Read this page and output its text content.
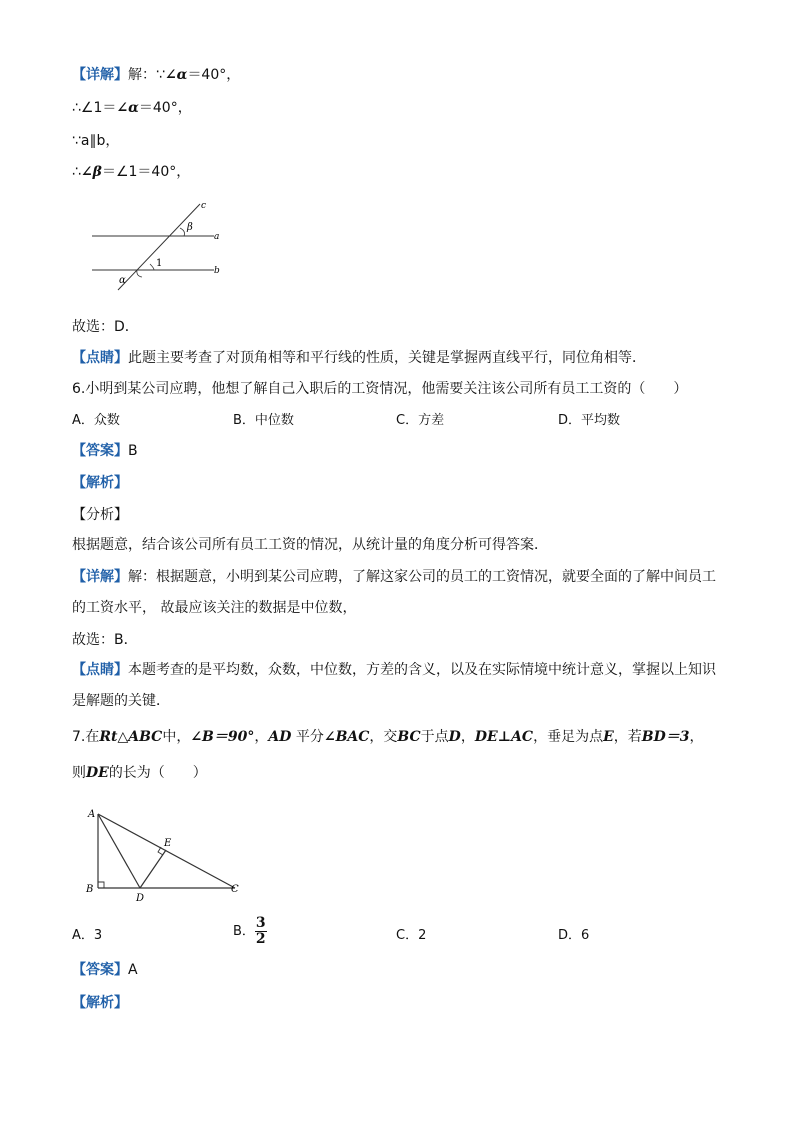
【详解】解：∵∠α＝40°，
∴∠1＝∠α＝40°，
∵a∥b，
∴∠β＝∠1＝40°，
c
a
b
β
1
α
故选：D．
【点睛】此题主要考查了对顶角相等和平行线的性质，关键是掌握两直线平行，同位角相等．
6.小明到某公司应聘，他想了解自己入职后的工资情况，他需要关注该公司所有员工工资的（　　）
A．众数	B．中位数	C．方差	D．平均数
【答案】B
【解析】
【分析】
根据题意，结合该公司所有员工工资的情况，从统计量的角度分析可得答案．
【详解】解：根据题意，小明到某公司应聘，了解这家公司的员工的工资情况，就要全面的了解中间员工
的工资水平， 故最应该关注的数据是中位数，
故选：B．
【点睛】本题考查的是平均数，众数，中位数，方差的含义，以及在实际情境中统计意义，掌握以上知识
是解题的关键．
7.在Rt△ABC中，∠B＝90°，AD 平分∠BAC，交BC于点D，DE⊥AC，垂足为点E，若BD＝3，
则DE的长为（　　）
A
B	C
D
E
A．3	B． $\frac{3}{2}$	C．2	D．6
【答案】A
【解析】
